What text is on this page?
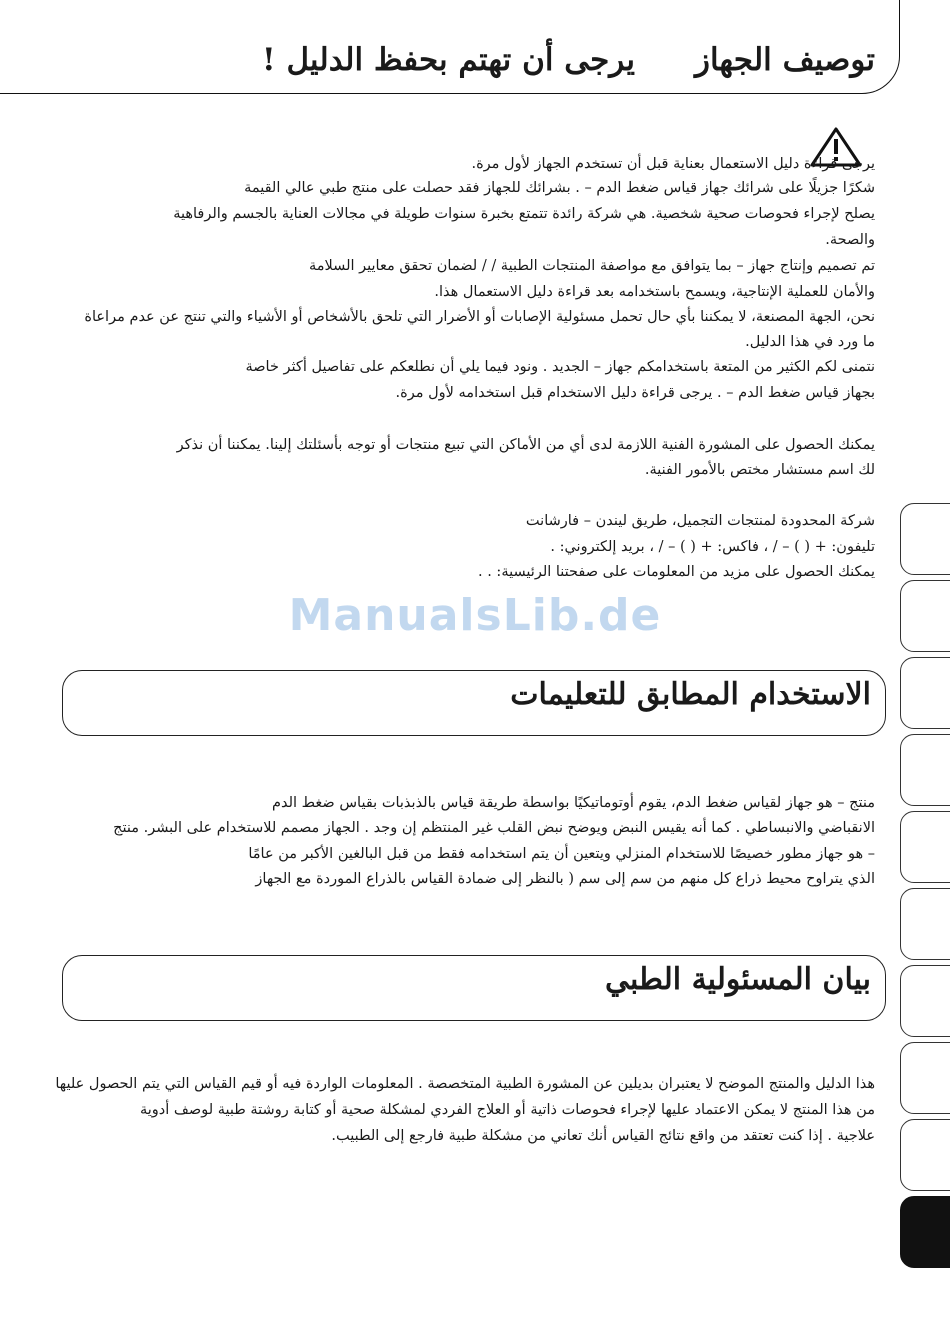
توصيف الجهاز
يرجى أن تهتم بحفظ الدليل !
يرجى قراءة دليل الاستعمال بعناية قبل أن تستخدم الجهاز لأول مرة.
شكرًا جزيلًا على شرائك جهاز قياس ضغط الدم – . بشرائك للجهاز فقد حصلت على منتج طبي عالي القيمة
يصلح لإجراء فحوصات صحية شخصية. هي شركة رائدة تتمتع بخبرة سنوات طويلة في مجالات العناية بالجسم والرفاهية
والصحة.
تم تصميم وإنتاج جهاز – بما يتوافق مع مواصفة المنتجات الطبية / / لضمان تحقق معايير السلامة
والأمان للعملية الإنتاجية، ويسمح باستخدامه بعد قراءة دليل الاستعمال هذا.
نحن، الجهة المصنعة، لا يمكننا بأي حال تحمل مسئولية الإصابات أو الأضرار التي تلحق بالأشخاص أو الأشياء والتي تنتج عن عدم مراعاة
ما ورد في هذا الدليل.
نتمنى لكم الكثير من المتعة باستخدامكم جهاز – الجديد . ونود فيما يلي أن نطلعكم على تفاصيل أكثر خاصة
بجهاز قياس ضغط الدم – . يرجى قراءة دليل الاستخدام قبل استخدامه لأول مرة.
يمكنك الحصول على المشورة الفنية اللازمة لدى أي من الأماكن التي تبيع منتجات أو توجه بأسئلتك إلينا. يمكننا أن نذكر
لك اسم مستشار مختص بالأمور الفنية.
شركة المحدودة لمنتجات التجميل، طريق ليندن – فارشانت
تليفون: + ( ) – / ، فاكس: + ( ) – / ، بريد إلكتروني: .
يمكنك الحصول على مزيد من المعلومات على صفحتنا الرئيسية: . .
ManualsLib.de
الاستخدام المطابق للتعليمات
منتج – هو جهاز لقياس ضغط الدم، يقوم أوتوماتيكيًا بواسطة طريقة قياس بالذبذبات بقياس ضغط الدم
الانقباضي والانبساطي . كما أنه يقيس النبض ويوضح نبض القلب غير المنتظم إن وجد . الجهاز مصمم للاستخدام على البشر. منتج
– هو جهاز مطور خصيصًا للاستخدام المنزلي ويتعين أن يتم استخدامه فقط من قبل البالغين الأكبر من عامًا
الذي يتراوح محيط ذراع كل منهم من سم إلى سم ( بالنظر إلى ضمادة القياس بالذراع الموردة مع الجهاز
بيان المسئولية الطبي
هذا الدليل والمنتج الموضح لا يعتبران بديلين عن المشورة الطبية المتخصصة . المعلومات الواردة فيه أو قيم القياس التي يتم الحصول عليها
من هذا المنتج لا يمكن الاعتماد عليها لإجراء فحوصات ذاتية أو العلاج الفردي لمشكلة صحية أو كتابة روشتة طبية لوصف أدوية
علاجية . إذا كنت تعتقد من واقع نتائج القياس أنك تعاني من مشكلة طبية فارجع إلى الطبيب.
